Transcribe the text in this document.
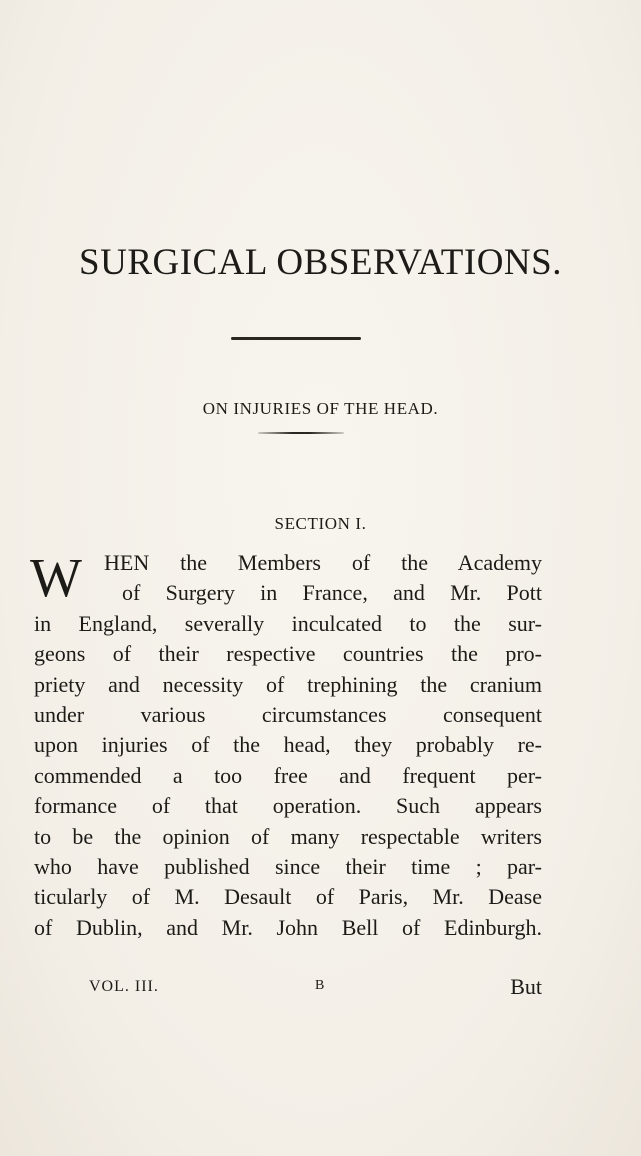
SURGICAL OBSERVATIONS.
ON INJURIES OF THE HEAD.
SECTION I.
W HEN the Members of the Academy
of Surgery in France, and Mr. Pott
in England, severally inculcated to the sur-
geons of their respective countries the pro-
priety and necessity of trephining the cranium
under various circumstances consequent
upon injuries of the head, they probably re-
commended a too free and frequent per-
formance of that operation. Such appears
to be the opinion of many respectable writers
who have published since their time ; par-
ticularly of M. Desault of Paris, Mr. Dease
of Dublin, and Mr. John Bell of Edinburgh.
VOL. III.	B	But
